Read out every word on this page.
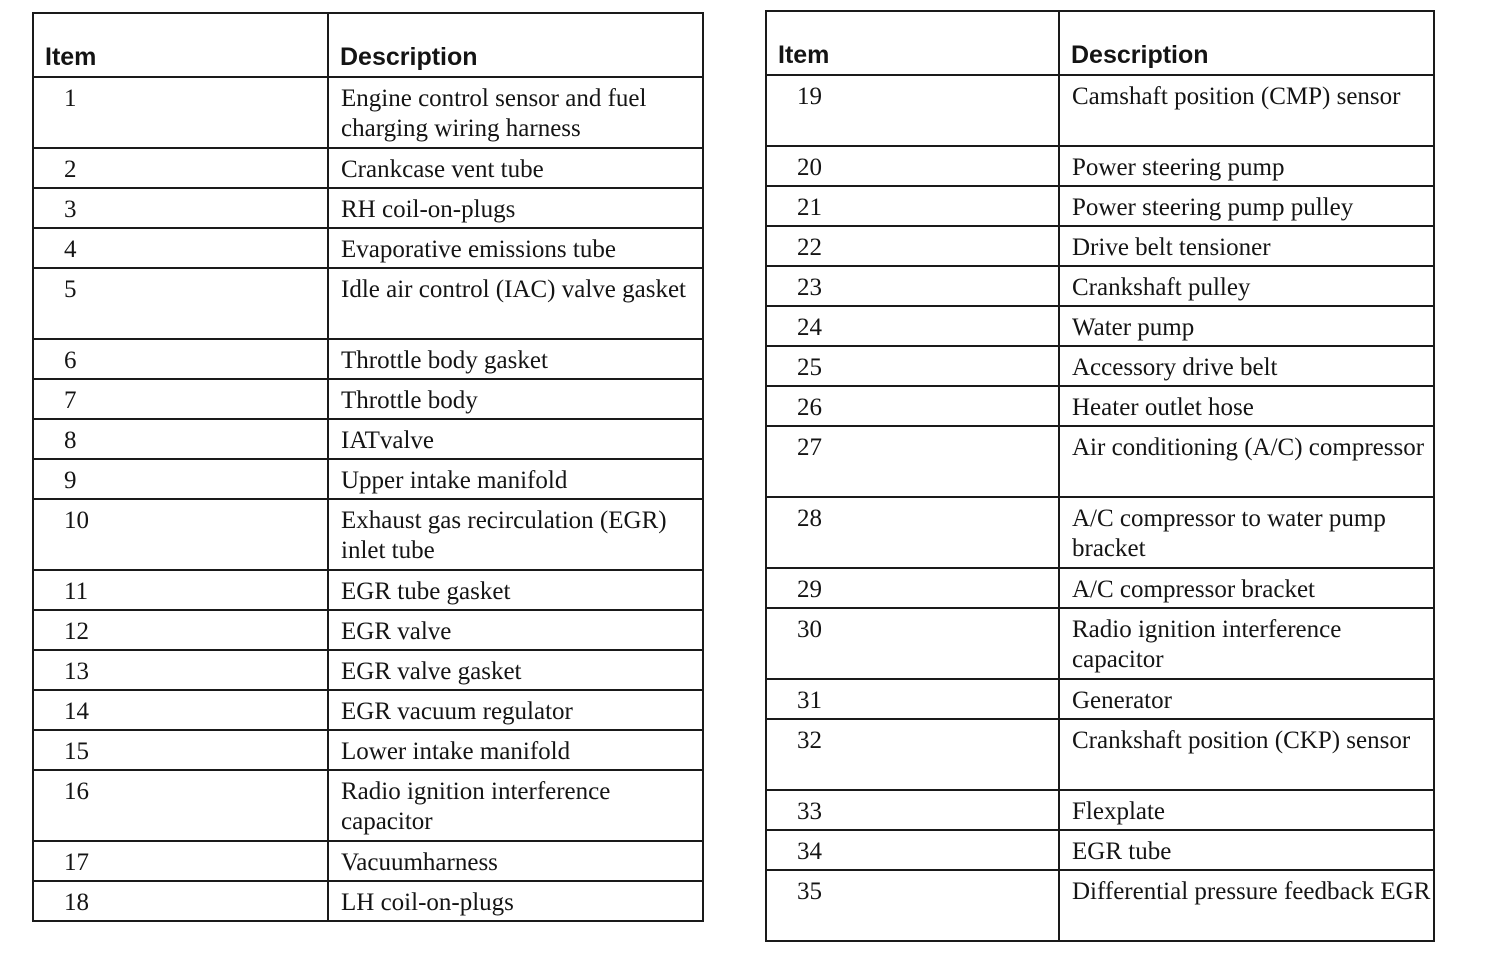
Item	Description
1	Engine control sensor and fuel charging wiring harness
2	Crankcase vent tube
3	RH coil-on-plugs
4	Evaporative emissions tube
5	Idle air control (IAC) valve gasket
6	Throttle body gasket
7	Throttle body
8	IATvalve
9	Upper intake manifold
10	Exhaust gas recirculation (EGR) inlet tube
11	EGR tube gasket
12	EGR valve
13	EGR valve gasket
14	EGR vacuum regulator
15	Lower intake manifold
16	Radio ignition interference capacitor
17	Vacuumharness
18	LH coil-on-plugs
Item	Description
19	Camshaft position (CMP) sensor
20	Power steering pump
21	Power steering pump pulley
22	Drive belt tensioner
23	Crankshaft pulley
24	Water pump
25	Accessory drive belt
26	Heater outlet hose
27	Air conditioning (A/C) compressor
28	A/C compressor to water pump bracket
29	A/C compressor bracket
30	Radio ignition interference capacitor
31	Generator
32	Crankshaft position (CKP) sensor
33	Flexplate
34	EGR tube
35	Differential pressure feedback EGR
